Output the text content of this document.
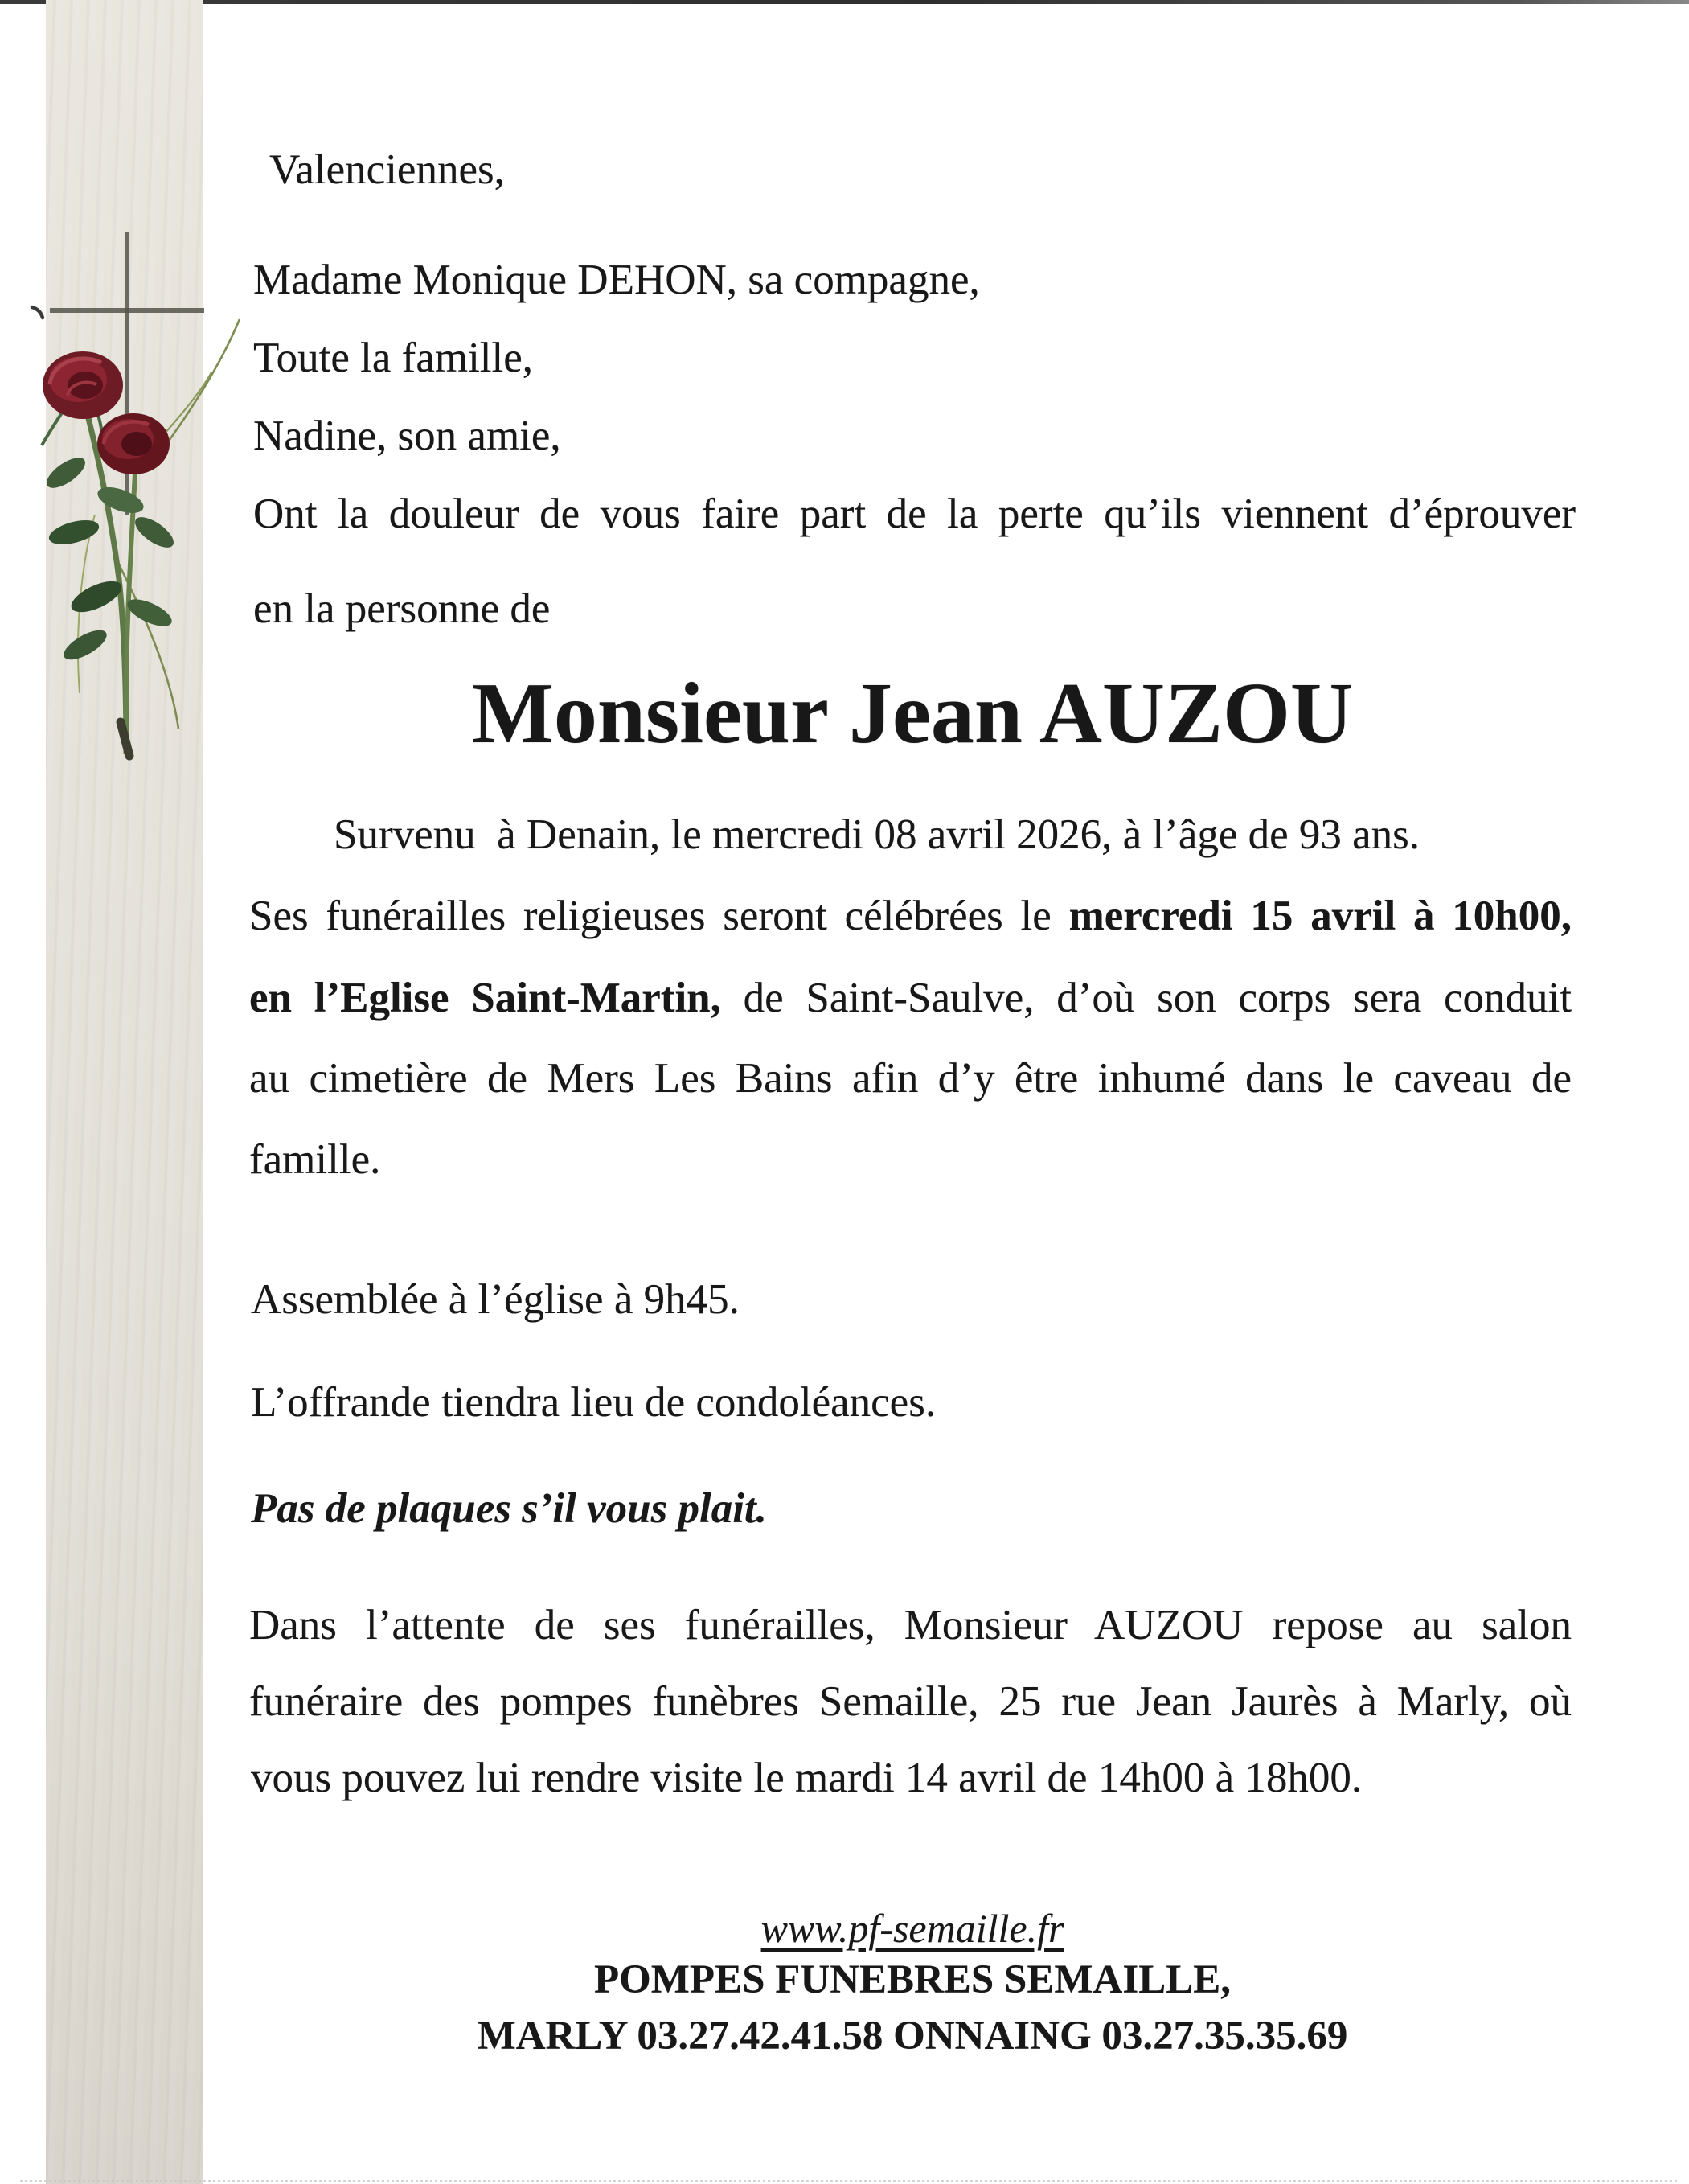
Valenciennes,
Madame Monique DEHON, sa compagne,
Toute la famille,
Nadine, son amie,
Ont la douleur de vous faire part de la perte qu’ils viennent d’éprouver
en la personne de
Monsieur Jean AUZOU
Survenu  à Denain, le mercredi 08 avril 2026, à l’âge de 93 ans.
Ses funérailles religieuses seront célébrées le mercredi 15 avril à 10h00,
en l’Eglise Saint-Martin, de Saint-Saulve, d’où son corps sera conduit
au cimetière de Mers Les Bains afin d’y être inhumé dans le caveau de
famille.
Assemblée à l’église à 9h45.
L’offrande tiendra lieu de condoléances.
Pas de plaques s’il vous plait.
Dans l’attente de ses funérailles, Monsieur AUZOU repose au salon
funéraire des pompes funèbres Semaille, 25 rue Jean Jaurès à Marly, où
vous pouvez lui rendre visite le mardi 14 avril de 14h00 à 18h00.
www.pf-semaille.fr
POMPES FUNEBRES SEMAILLE,
MARLY 03.27.42.41.58 ONNAING 03.27.35.35.69
